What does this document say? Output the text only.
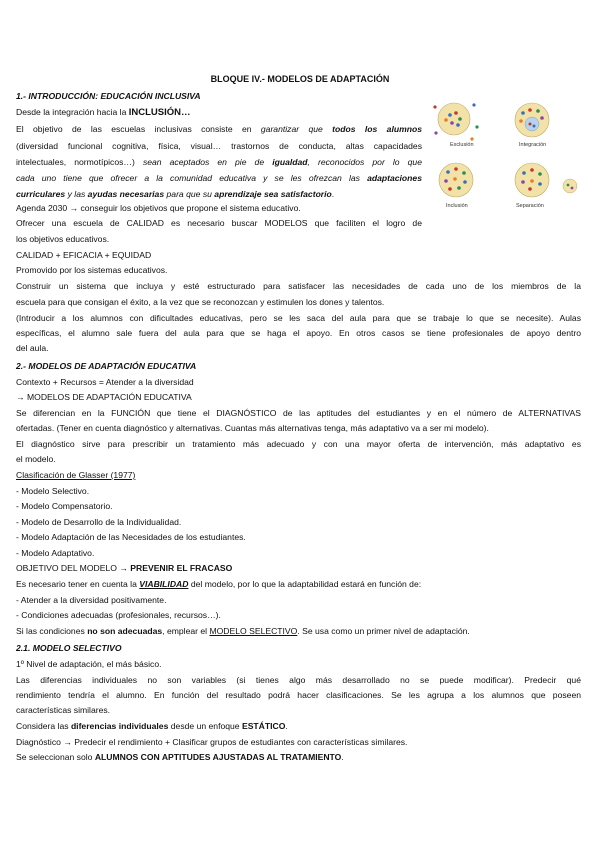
BLOQUE IV.- MODELOS DE ADAPTACIÓN
1.- INTRODUCCIÓN: EDUCACIÓN INCLUSIVA
Desde la integración hacia la INCLUSIÓN…
El objetivo de las escuelas inclusivas consiste en garantizar que todos los alumnos
(diversidad funcional cognitiva, física, visual… trastornos de conducta, altas capacidades
intelectuales, normotípicos…) sean aceptados en pie de igualdad, reconocidos por lo que
cada uno tiene que ofrecer a la comunidad educativa y se les ofrezcan las adaptaciones
curriculares y las ayudas necesarias para que su aprendizaje sea satisfactorio.
Agenda 2030 → conseguir los objetivos que propone el sistema educativo.
Ofrecer una escuela de CALIDAD es necesario buscar MODELOS que faciliten el logro de
los objetivos educativos.
CALIDAD + EFICACIA + EQUIDAD
Promovido por los sistemas educativos.
Construir un sistema que incluya y esté estructurado para satisfacer las necesidades de cada uno de los miembros de la
escuela para que consigan el éxito, a la vez que se reconozcan y estimulen los dones y talentos.
(Introducir a los alumnos con dificultades educativas, pero se les saca del aula para que se trabaje lo que se necesite). Aulas
específicas, el alumno sale fuera del aula para que se haga el apoyo. En otros casos se tiene profesionales de apoyo dentro
del aula.
Exclusión	Integración
Inclusión	Separación
2.- MODELOS DE ADAPTACIÓN EDUCATIVA
Contexto + Recursos = Atender a la diversidad
→ MODELOS DE ADAPTACIÓN EDUCATIVA
Se diferencian en la FUNCIÓN que tiene el DIAGNÓSTICO de las aptitudes del estudiantes y en el número de ALTERNATIVAS
ofertadas. (Tener en cuenta diagnóstico y alternativas. Cuantas más alternativas tenga, más adaptativo va a ser mi modelo).
El diagnóstico sirve para prescribir un tratamiento más adecuado y con una mayor oferta de intervención, más adaptativo es
el modelo.
Clasificación de Glasser (1977)
- Modelo Selectivo.
- Modelo Compensatorio.
- Modelo de Desarrollo de la Individualidad.
- Modelo Adaptación de las Necesidades de los estudiantes.
- Modelo Adaptativo.
OBJETIVO DEL MODELO → PREVENIR EL FRACASO
Es necesario tener en cuenta la VIABILIDAD del modelo, por lo que la adaptabilidad estará en función de:
- Atender a la diversidad positivamente.
- Condiciones adecuadas (profesionales, recursos…).
Si las condiciones no son adecuadas, emplear el MODELO SELECTIVO. Se usa como un primer nivel de adaptación.
2.1. MODELO SELECTIVO
1º Nivel de adaptación, el más básico.
Las diferencias individuales no son variables (si tienes algo más desarrollado no se puede modificar). Predecir qué
rendimiento tendría el alumno. En función del resultado podrá hacer clasificaciones. Se les agrupa a los alumnos que poseen
características similares.
Considera las diferencias individuales desde un enfoque ESTÁTICO.
Diagnóstico → Predecir el rendimiento + Clasificar grupos de estudiantes con características similares.
Se seleccionan solo ALUMNOS CON APTITUDES AJUSTADAS AL TRATAMIENTO.
